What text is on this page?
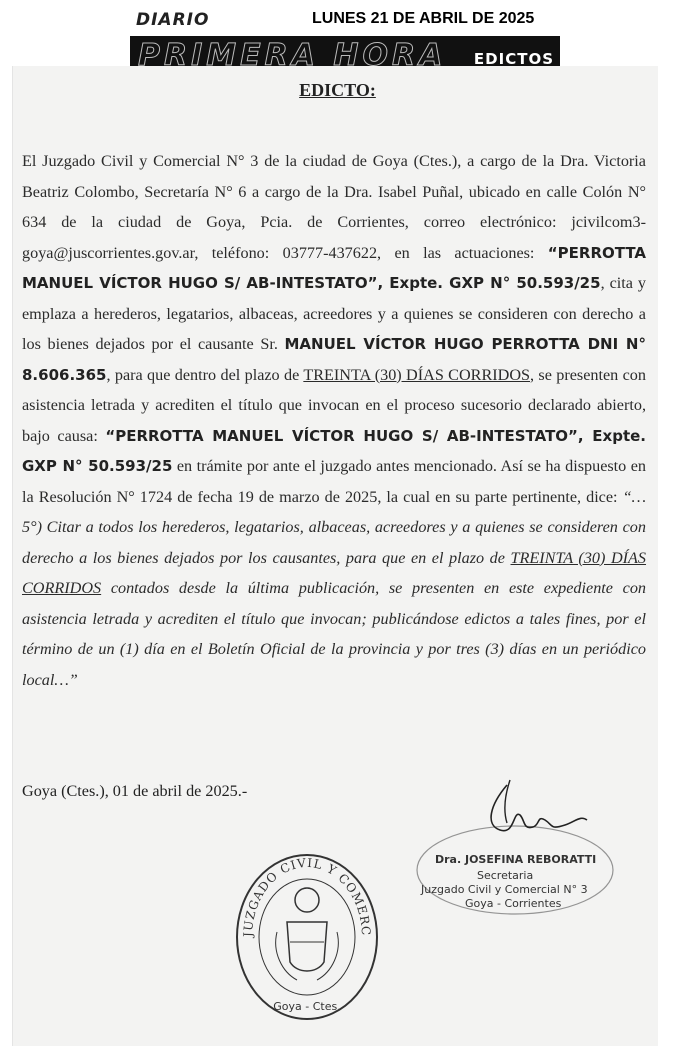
DIARIO	LUNES 21 DE ABRIL DE 2025
PRIMERA HORA EDICTOS
EDICTO:
El Juzgado Civil y Comercial N° 3 de la ciudad de Goya (Ctes.), a cargo de la Dra. Victoria Beatriz Colombo, Secretaría N° 6 a cargo de la Dra. Isabel Puñal, ubicado en calle Colón N° 634 de la ciudad de Goya, Pcia. de Corrientes, correo electrónico: jcivilcom3-goya@juscorrientes.gov.ar, teléfono: 03777-437622, en las actuaciones: “PERROTTA MANUEL VÍCTOR HUGO S/ AB-INTESTATO”, Expte. GXP N° 50.593/25, cita y emplaza a herederos, legatarios, albaceas, acreedores y a quienes se consideren con derecho a los bienes dejados por el causante Sr. MANUEL VÍCTOR HUGO PERROTTA DNI N° 8.606.365, para que dentro del plazo de TREINTA (30) DÍAS CORRIDOS, se presenten con asistencia letrada y acrediten el título que invocan en el proceso sucesorio declarado abierto, bajo causa: “PERROTTA MANUEL VÍCTOR HUGO S/ AB-INTESTATO”, Expte. GXP N° 50.593/25 en trámite por ante el juzgado antes mencionado. Así se ha dispuesto en la Resolución N° 1724 de fecha 19 de marzo de 2025, la cual en su parte pertinente, dice: “…5°) Citar a todos los herederos, legatarios, albaceas, acreedores y a quienes se consideren con derecho a los bienes dejados por los causantes, para que en el plazo de TREINTA (30) DÍAS CORRIDOS contados desde la última publicación, se presenten en este expediente con asistencia letrada y acrediten el título que invocan; publicándose edictos a tales fines, por el término de un (1) día en el Boletín Oficial de la provincia y por tres (3) días en un periódico local…”
Goya (Ctes.), 01 de abril de 2025.-
Dra. JOSEFINA REBORATTI
Secretaria
Juzgado Civil y Comercial N° 3
Goya - Corrientes
JUZGADO CIVIL Y COMERC
Goya - Ctes.
